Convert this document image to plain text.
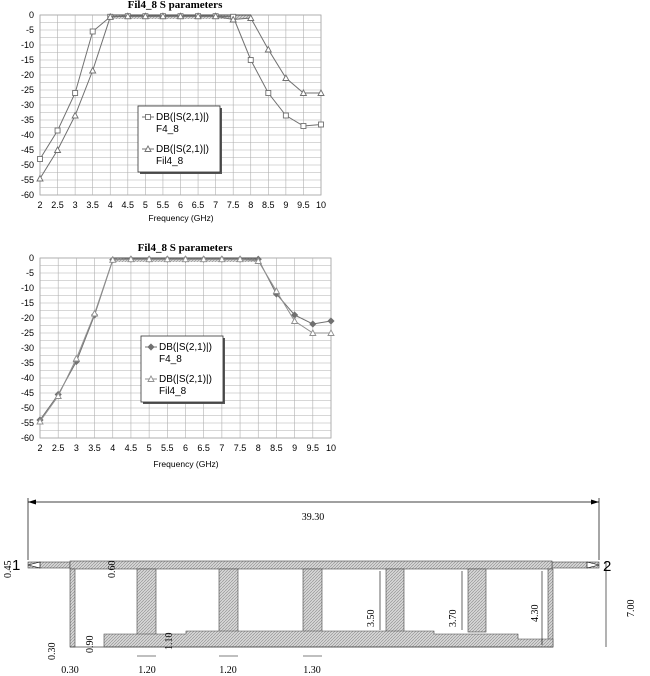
Fil4_8 S parameters
Frequency (GHz)
2 2.5 3 3.5 4 4.5 5 5.5 6 6.5 7 7.5 8 8.5 9 9.5 10
0
-5
-10
-15
-20
-25
-30
-35
-40
-45
-50
-55
-60
DB(|S(2,1)|)
F4_8
DB(|S(2,1)|)
Fil4_8
Fil4_8 S parameters
Frequency (GHz)
2 2.5 3 3.5 4 4.5 5 5.5 6 6.5 7 7.5 8 8.5 9 9.5 10
0
-5
-10
-15
-20
-25
-30
-35
-40
-45
-50
-55
-60
DB(|S(2,1)|)
F4_8
DB(|S(2,1)|)
Fil4_8
39.30
1	2
0.45	0.60
3.50	3.70	4.30	7.00
0.30	0.90	1.10
0.30	1.20	1.20	1.30
